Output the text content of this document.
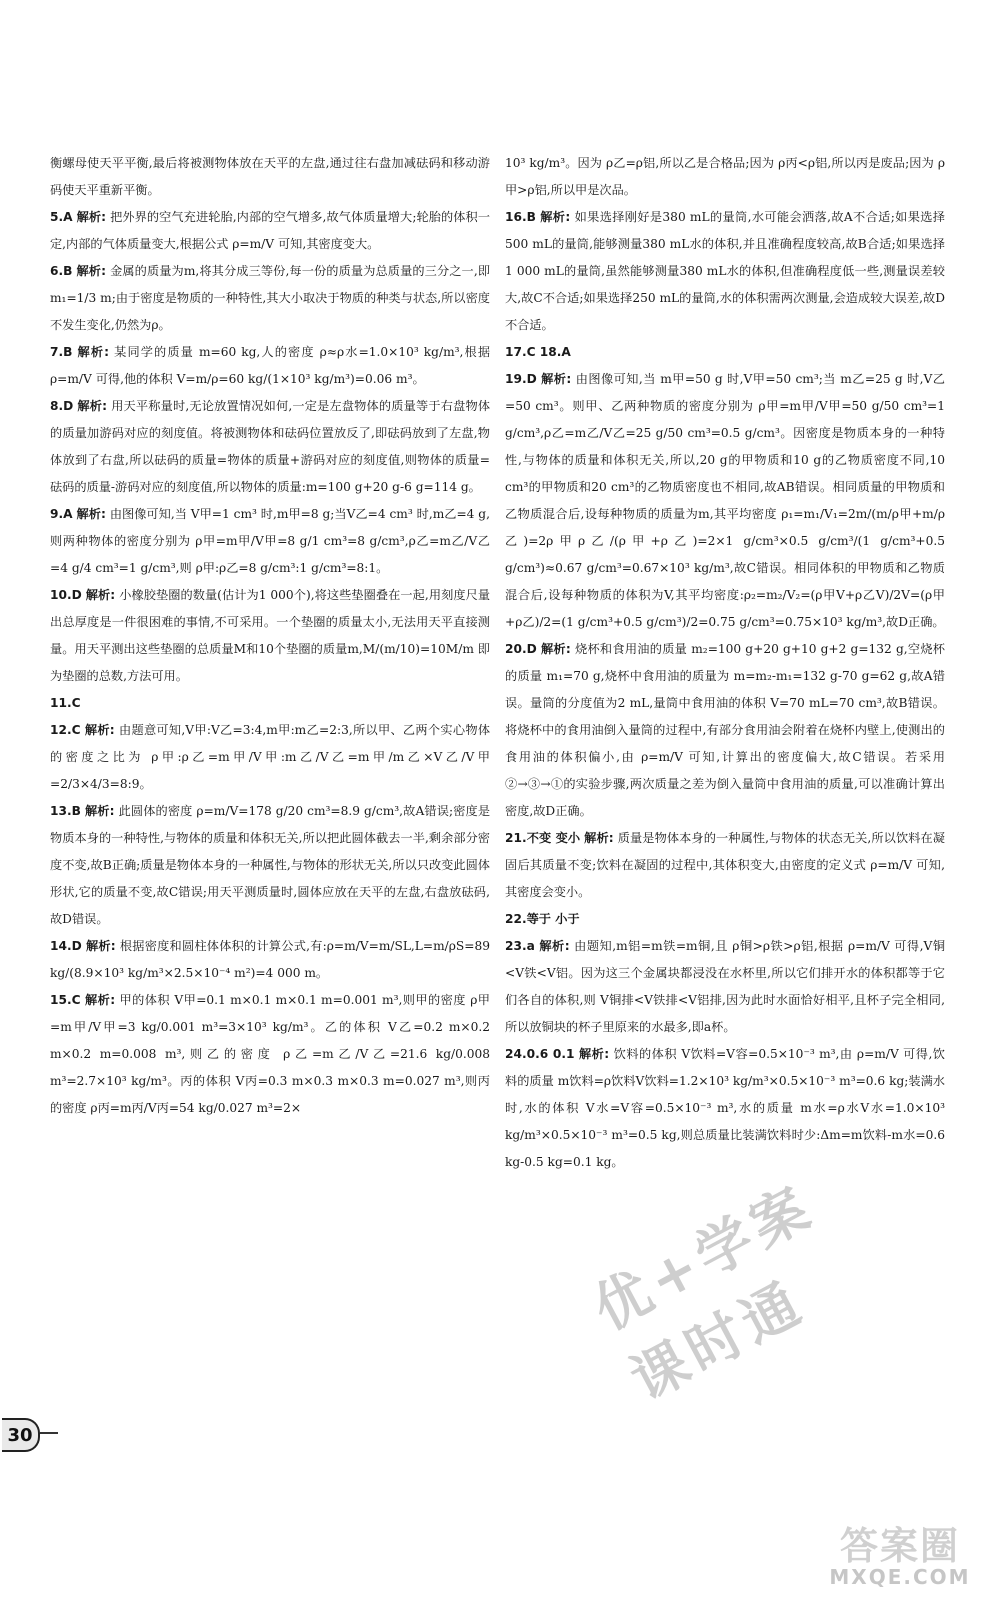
衡螺母使天平平衡,最后将被测物体放在天平的左盘,通过往右盘加减砝码和移动游码使天平重新平衡。

5.A 解析: 把外界的空气充进轮胎,内部的空气增多,故气体质量增大;轮胎的体积一定,内部的气体质量变大,根据公式 ρ=m/V 可知,其密度变大。

6.B 解析: 金属的质量为m,将其分成三等份,每一份的质量为总质量的三分之一,即 m₁=1/3 m;由于密度是物质的一种特性,其大小取决于物质的种类与状态,所以密度不发生变化,仍然为ρ。

7.B 解析: 某同学的质量 m=60 kg,人的密度 ρ≈ρ水=1.0×10³ kg/m³,根据 ρ=m/V 可得,他的体积 V=m/ρ=60 kg/(1×10³ kg/m³)=0.06 m³。

8.D 解析: 用天平称量时,无论放置情况如何,一定是左盘物体的质量等于右盘物体的质量加游码对应的刻度值。将被测物体和砝码位置放反了,即砝码放到了左盘,物体放到了右盘,所以砝码的质量=物体的质量+游码对应的刻度值,则物体的质量=砝码的质量-游码对应的刻度值,所以物体的质量:m=100 g+20 g-6 g=114 g。

9.A 解析: 由图像可知,当 V甲=1 cm³ 时,m甲=8 g;当V乙=4 cm³ 时,m乙=4 g,则两种物体的密度分别为 ρ甲=m甲/V甲=8 g/1 cm³=8 g/cm³,ρ乙=m乙/V乙=4 g/4 cm³=1 g/cm³,则 ρ甲:ρ乙=8 g/cm³:1 g/cm³=8:1。

10.D 解析: 小橡胶垫圈的数量(估计为1 000个),将这些垫圈叠在一起,用刻度尺量出总厚度是一件很困难的事情,不可采用。一个垫圈的质量太小,无法用天平直接测量。用天平测出这些垫圈的总质量M和10个垫圈的质量m,M/(m/10)=10M/m 即为垫圈的总数,方法可用。

11.C

12.C 解析: 由题意可知,V甲:V乙=3:4,m甲:m乙=2:3,所以甲、乙两个实心物体的密度之比为 ρ甲:ρ乙=m甲/V甲:m乙/V乙=m甲/m乙×V乙/V甲=2/3×4/3=8:9。

13.B 解析: 此圆体的密度 ρ=m/V=178 g/20 cm³=8.9 g/cm³,故A错误;密度是物质本身的一种特性,与物体的质量和体积无关,所以把此圆体截去一半,剩余部分密度不变,故B正确;质量是物体本身的一种属性,与物体的形状无关,所以只改变此圆体形状,它的质量不变,故C错误;用天平测质量时,圆体应放在天平的左盘,右盘放砝码,故D错误。

14.D 解析: 根据密度和圆柱体体积的计算公式,有:ρ=m/V=m/SL,L=m/ρS=89 kg/(8.9×10³ kg/m³×2.5×10⁻⁴ m²)=4 000 m。

15.C 解析: 甲的体积 V甲=0.1 m×0.1 m×0.1 m=0.001 m³,则甲的密度 ρ甲=m甲/V甲=3 kg/0.001 m³=3×10³ kg/m³。乙的体积 V乙=0.2 m×0.2 m×0.2 m=0.008 m³,则乙的密度 ρ乙=m乙/V乙=21.6 kg/0.008 m³=2.7×10³ kg/m³。丙的体积 V丙=0.3 m×0.3 m×0.3 m=0.027 m³,则丙的密度 ρ丙=m丙/V丙=54 kg/0.027 m³=2×

10³ kg/m³。因为 ρ乙=ρ铝,所以乙是合格品;因为 ρ丙<ρ铝,所以丙是废品;因为 ρ甲>ρ铝,所以甲是次品。

16.B 解析: 如果选择刚好是380 mL的量筒,水可能会洒落,故A不合适;如果选择500 mL的量筒,能够测量380 mL水的体积,并且准确程度较高,故B合适;如果选择1 000 mL的量筒,虽然能够测量380 mL水的体积,但准确程度低一些,测量误差较大,故C不合适;如果选择250 mL的量筒,水的体积需两次测量,会造成较大误差,故D不合适。

17.C 18.A

19.D 解析: 由图像可知,当 m甲=50 g 时,V甲=50 cm³;当 m乙=25 g 时,V乙=50 cm³。则甲、乙两种物质的密度分别为 ρ甲=m甲/V甲=50 g/50 cm³=1 g/cm³,ρ乙=m乙/V乙=25 g/50 cm³=0.5 g/cm³。因密度是物质本身的一种特性,与物体的质量和体积无关,所以,20 g的甲物质和10 g的乙物质密度不同,10 cm³的甲物质和20 cm³的乙物质密度也不相同,故AB错误。相同质量的甲物质和乙物质混合后,设每种物质的质量为m,其平均密度 ρ₁=m₁/V₁=2m/(m/ρ甲+m/ρ乙)=2ρ甲ρ乙/(ρ甲+ρ乙)=2×1 g/cm³×0.5 g/cm³/(1 g/cm³+0.5 g/cm³)≈0.67 g/cm³=0.67×10³ kg/m³,故C错误。相同体积的甲物质和乙物质混合后,设每种物质的体积为V,其平均密度:ρ₂=m₂/V₂=(ρ甲V+ρ乙V)/2V=(ρ甲+ρ乙)/2=(1 g/cm³+0.5 g/cm³)/2=0.75 g/cm³=0.75×10³ kg/m³,故D正确。

20.D 解析: 烧杯和食用油的质量 m₂=100 g+20 g+10 g+2 g=132 g,空烧杯的质量 m₁=70 g,烧杯中食用油的质量为 m=m₂-m₁=132 g-70 g=62 g,故A错误。量筒的分度值为2 mL,量筒中食用油的体积 V=70 mL=70 cm³,故B错误。将烧杯中的食用油倒入量筒的过程中,有部分食用油会附着在烧杯内壁上,使测出的食用油的体积偏小,由 ρ=m/V 可知,计算出的密度偏大,故C错误。若采用②→③→①的实验步骤,两次质量之差为倒入量筒中食用油的质量,可以准确计算出密度,故D正确。

21.不变 变小 解析: 质量是物体本身的一种属性,与物体的状态无关,所以饮料在凝固后其质量不变;饮料在凝固的过程中,其体积变大,由密度的定义式 ρ=m/V 可知,其密度会变小。

22.等于 小于

23.a 解析: 由题知,m铝=m铁=m铜,且 ρ铜>ρ铁>ρ铝,根据 ρ=m/V 可得,V铜<V铁<V铝。因为这三个金属块都浸没在水杯里,所以它们排开水的体积都等于它们各自的体积,则 V铜排<V铁排<V铝排,因为此时水面恰好相平,且杯子完全相同,所以放铜块的杯子里原来的水最多,即a杯。

24.0.6 0.1 解析: 饮料的体积 V饮料=V容=0.5×10⁻³ m³,由 ρ=m/V 可得,饮料的质量 m饮料=ρ饮料V饮料=1.2×10³ kg/m³×0.5×10⁻³ m³=0.6 kg;装满水时,水的体积 V水=V容=0.5×10⁻³ m³,水的质量 m水=ρ水V水=1.0×10³ kg/m³×0.5×10⁻³ m³=0.5 kg,则总质量比装满饮料时少:Δm=m饮料-m水=0.6 kg-0.5 kg=0.1 kg。

30
优+学案 课时通
答案圈
MXQE.COM
